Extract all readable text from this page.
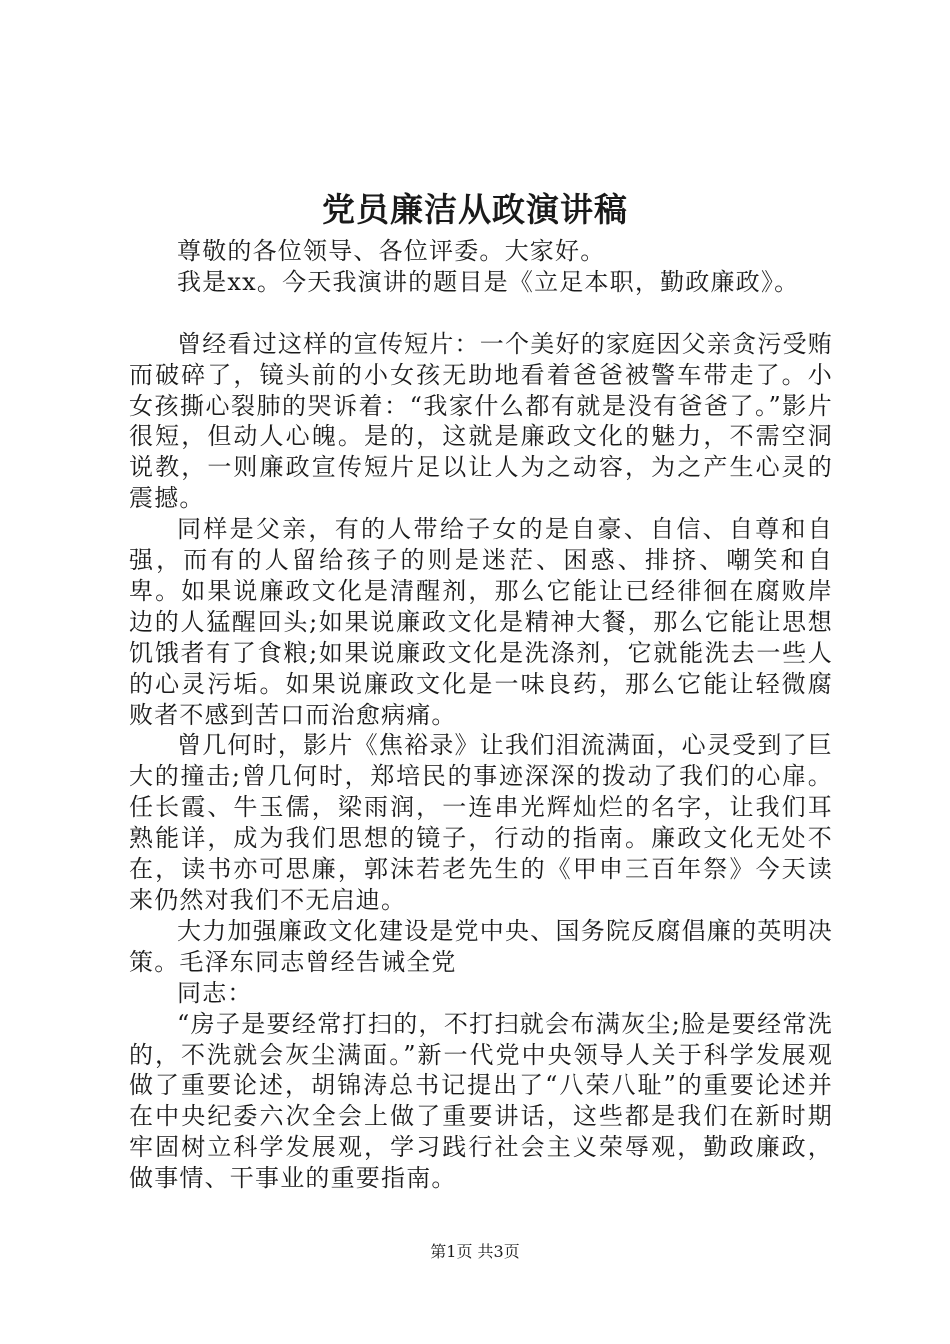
党员廉洁从政演讲稿

尊敬的各位领导、各位评委。大家好。

我是xx。今天我演讲的题目是《立足本职，勤政廉政》。

曾经看过这样的宣传短片：一个美好的家庭因父亲贪污受贿而破碎了，镜头前的小女孩无助地看着爸爸被警车带走了。小女孩撕心裂肺的哭诉着：“我家什么都有就是没有爸爸了。”影片很短，但动人心魄。是的，这就是廉政文化的魅力，不需空洞说教，一则廉政宣传短片足以让人为之动容，为之产生心灵的震撼。

同样是父亲，有的人带给子女的是自豪、自信、自尊和自强，而有的人留给孩子的则是迷茫、困惑、排挤、嘲笑和自卑。如果说廉政文化是清醒剂，那么它能让已经徘徊在腐败岸边的人猛醒回头;如果说廉政文化是精神大餐，那么它能让思想饥饿者有了食粮;如果说廉政文化是洗涤剂，它就能洗去一些人的心灵污垢。如果说廉政文化是一味良药，那么它能让轻微腐败者不感到苦口而治愈病痛。

曾几何时，影片《焦裕录》让我们泪流满面，心灵受到了巨大的撞击;曾几何时，郑培民的事迹深深的拨动了我们的心扉。任长霞、牛玉儒，梁雨润，一连串光辉灿烂的名字，让我们耳熟能详，成为我们思想的镜子，行动的指南。廉政文化无处不在，读书亦可思廉，郭沫若老先生的《甲申三百年祭》今天读来仍然对我们不无启迪。

大力加强廉政文化建设是党中央、国务院反腐倡廉的英明决策。毛泽东同志曾经告诫全党

同志：

“房子是要经常打扫的，不打扫就会布满灰尘;脸是要经常洗的，不洗就会灰尘满面。”新一代党中央领导人关于科学发展观做了重要论述，胡锦涛总书记提出了“八荣八耻”的重要论述并在中央纪委六次全会上做了重要讲话，这些都是我们在新时期牢固树立科学发展观，学习践行社会主义荣辱观，勤政廉政，做事情、干事业的重要指南。

第1页 共3页
